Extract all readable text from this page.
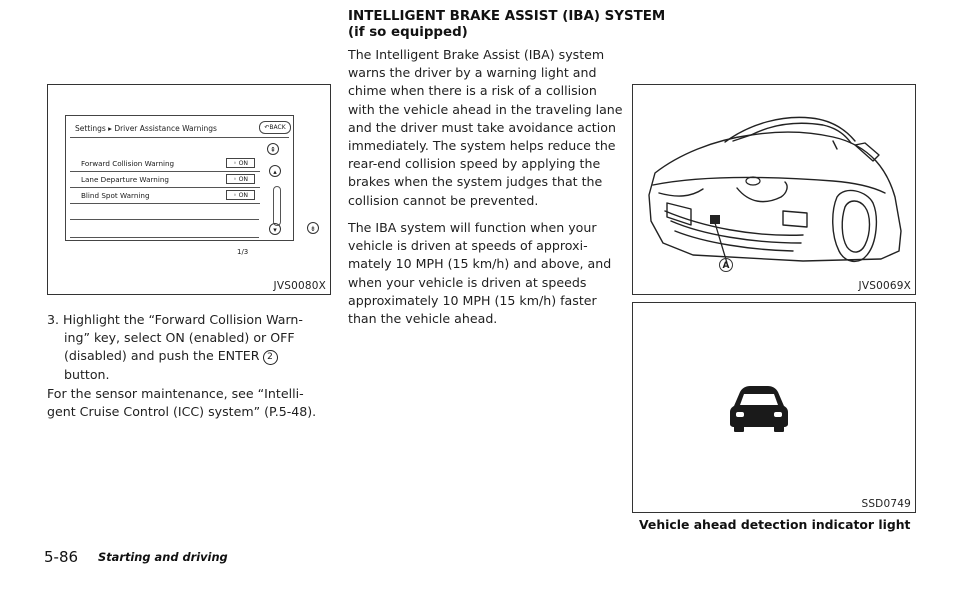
Settings ▸ Driver Assistance Warnings	↶BACK
Forward Collision Warning	◦ ON
Lane Departure Warning	◦ ON
Blind Spot Warning	◦ ON
⇞
▴
▾
1/3
⇟
JVS0080X
3. Highlight the “Forward Collision Warn-
ing” key, select ON (enabled) or OFF
(disabled) and push the ENTER 2
button.
For the sensor maintenance, see “Intelli-
gent Cruise Control (ICC) system” (P.5-48).
INTELLIGENT BRAKE ASSIST (IBA) SYSTEM
(if so equipped)
The Intelligent Brake Assist (IBA) system
warns the driver by a warning light and
chime when there is a risk of a collision
with the vehicle ahead in the traveling lane
and the driver must take avoidance action
immediately. The system helps reduce the
rear-end collision speed by applying the
brakes when the system judges that the
collision cannot be prevented.
The IBA system will function when your
vehicle is driven at speeds of approxi-
mately 10 MPH (15 km/h) and above, and
when your vehicle is driven at speeds
approximately 10 MPH (15 km/h) faster
than the vehicle ahead.
A
JVS0069X
SSD0749
Vehicle ahead detection indicator light
5-86 Starting and driving
